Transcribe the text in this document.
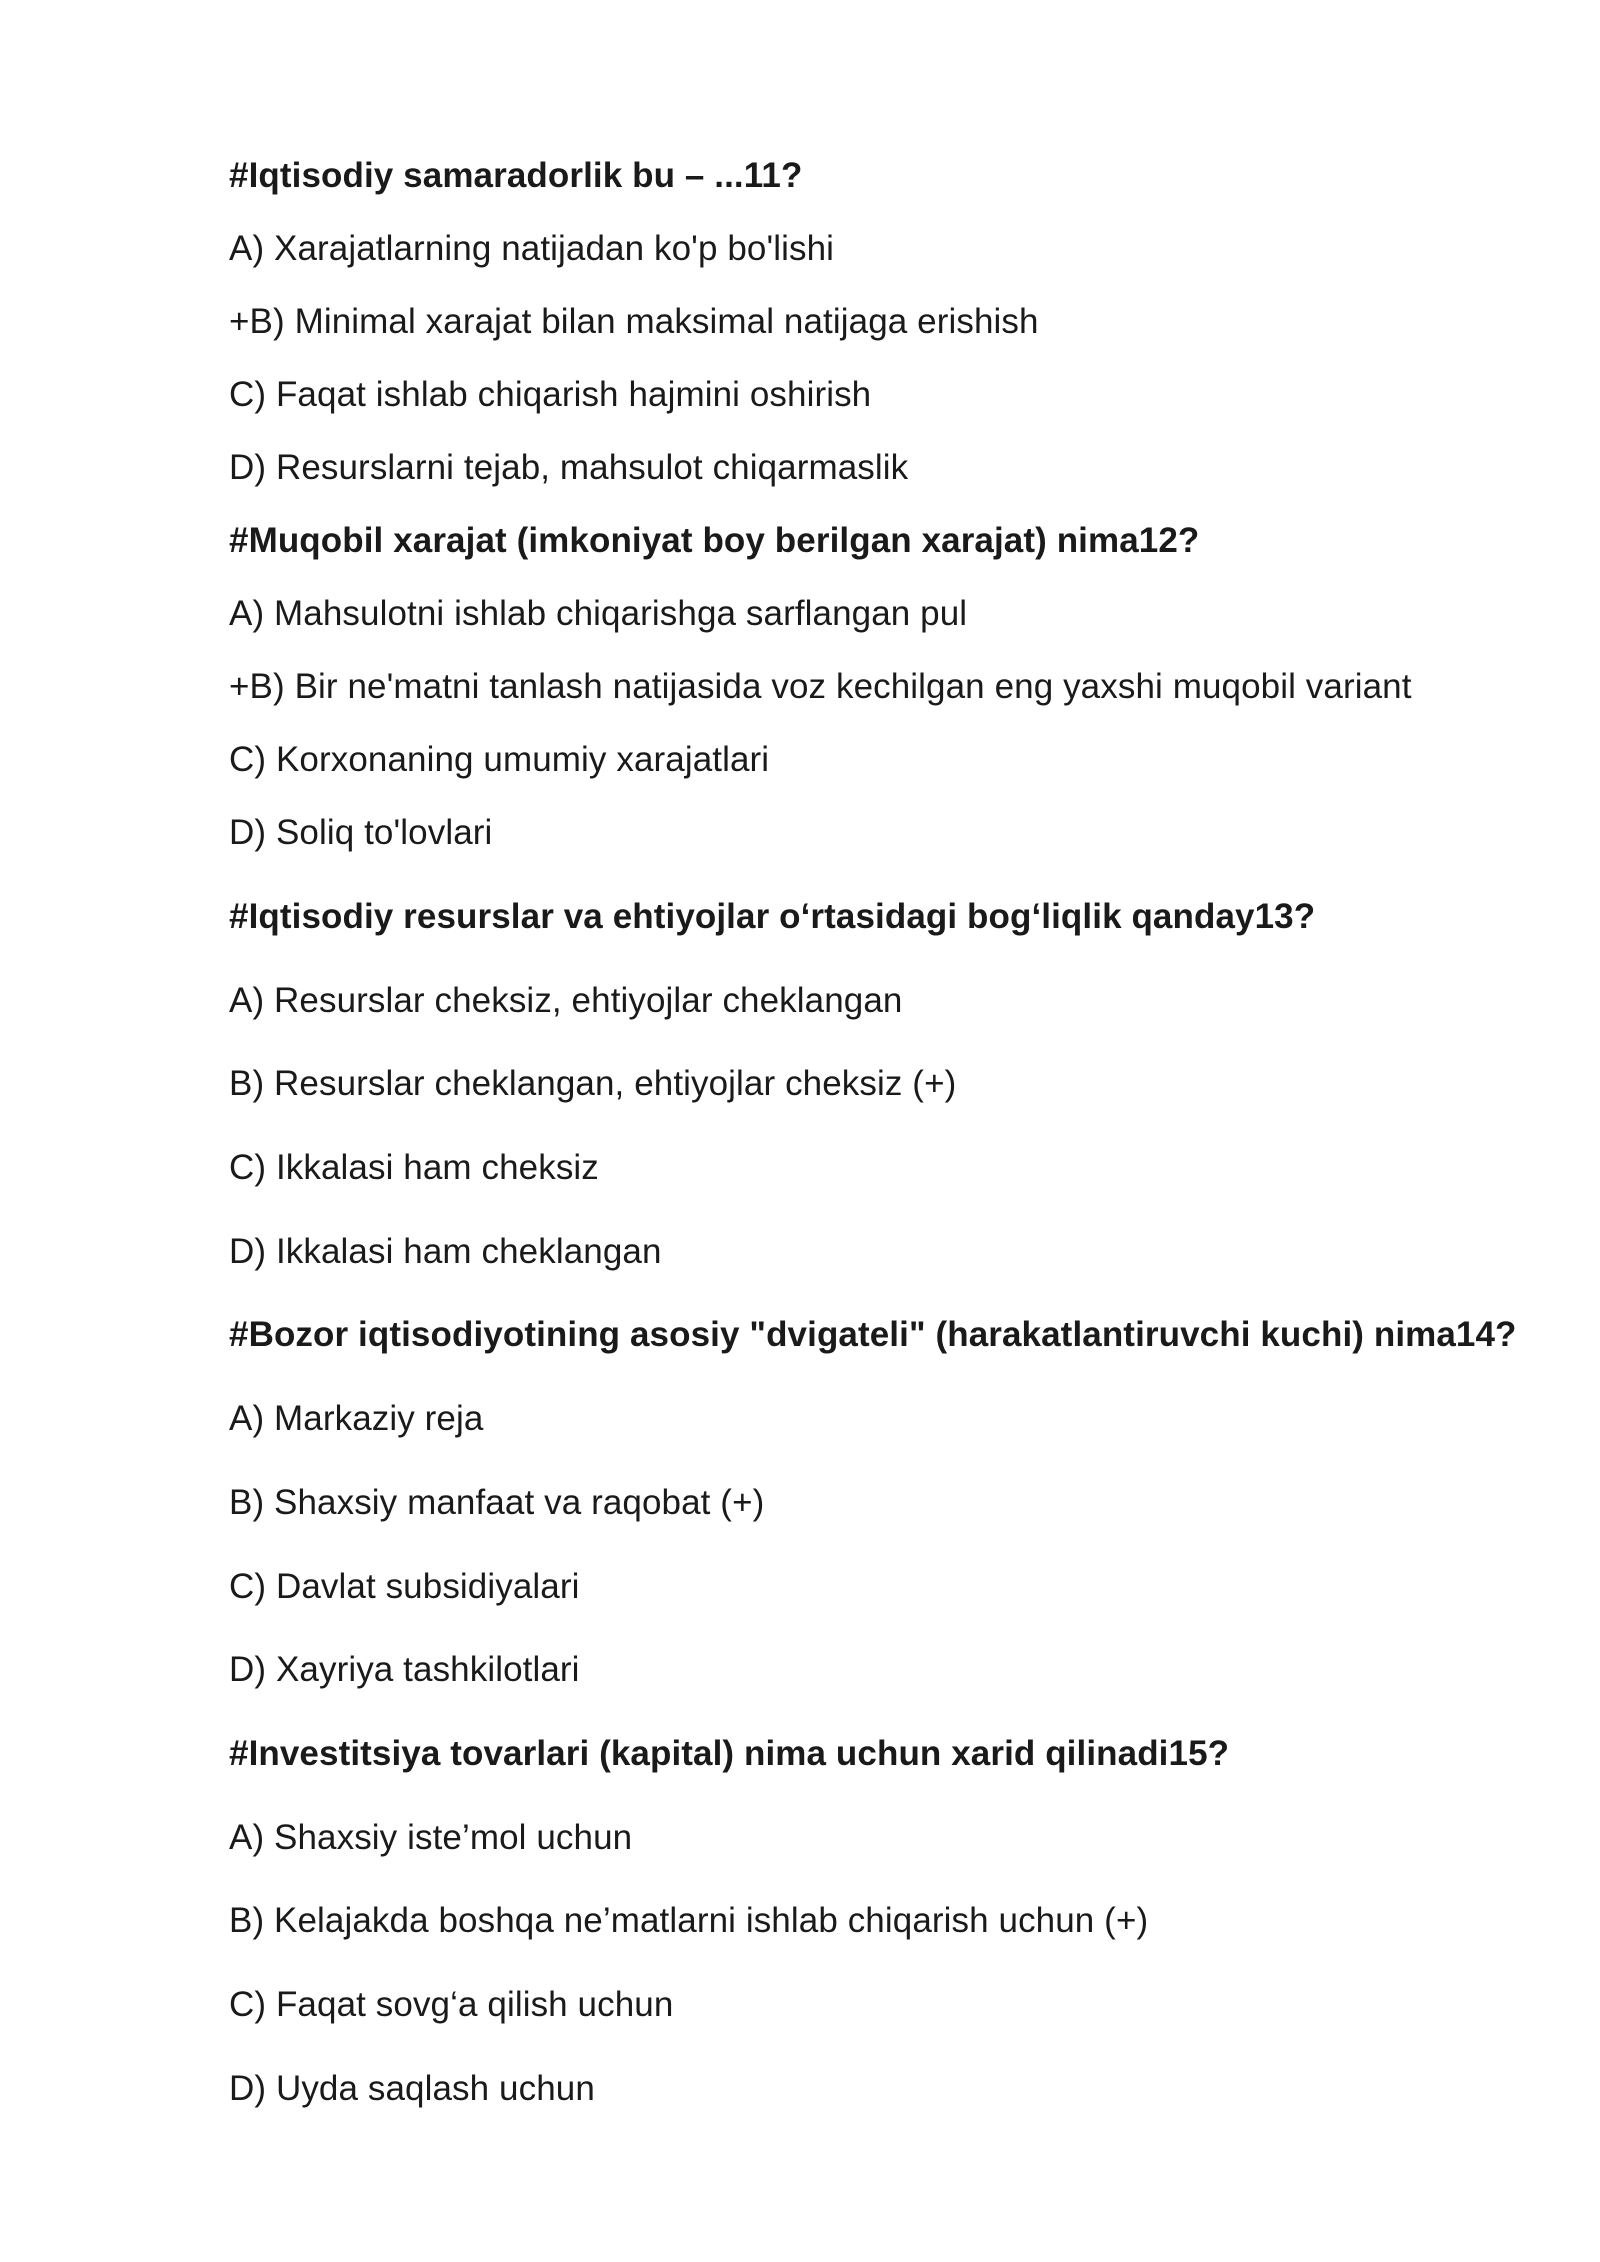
#Iqtisodiy samaradorlik bu – ...11?
A) Xarajatlarning natijadan ko'p bo'lishi
+B) Minimal xarajat bilan maksimal natijaga erishish
C) Faqat ishlab chiqarish hajmini oshirish
D) Resurslarni tejab, mahsulot chiqarmaslik
#Muqobil xarajat (imkoniyat boy berilgan xarajat) nima12?
A) Mahsulotni ishlab chiqarishga sarflangan pul
+B) Bir ne'matni tanlash natijasida voz kechilgan eng yaxshi muqobil variant
C) Korxonaning umumiy xarajatlari
D) Soliq to'lovlari
#Iqtisodiy resurslar va ehtiyojlar o‘rtasidagi bog‘liqlik qanday13?
A) Resurslar cheksiz, ehtiyojlar cheklangan
B) Resurslar cheklangan, ehtiyojlar cheksiz (+)
C) Ikkalasi ham cheksiz
D) Ikkalasi ham cheklangan
#Bozor iqtisodiyotining asosiy "dvigateli" (harakatlantiruvchi kuchi) nima14?
A) Markaziy reja
B) Shaxsiy manfaat va raqobat (+)
C) Davlat subsidiyalari
D) Xayriya tashkilotlari
#Investitsiya tovarlari (kapital) nima uchun xarid qilinadi15?
A) Shaxsiy iste’mol uchun
B) Kelajakda boshqa ne’matlarni ishlab chiqarish uchun (+)
C) Faqat sovg‘a qilish uchun
D) Uyda saqlash uchun
